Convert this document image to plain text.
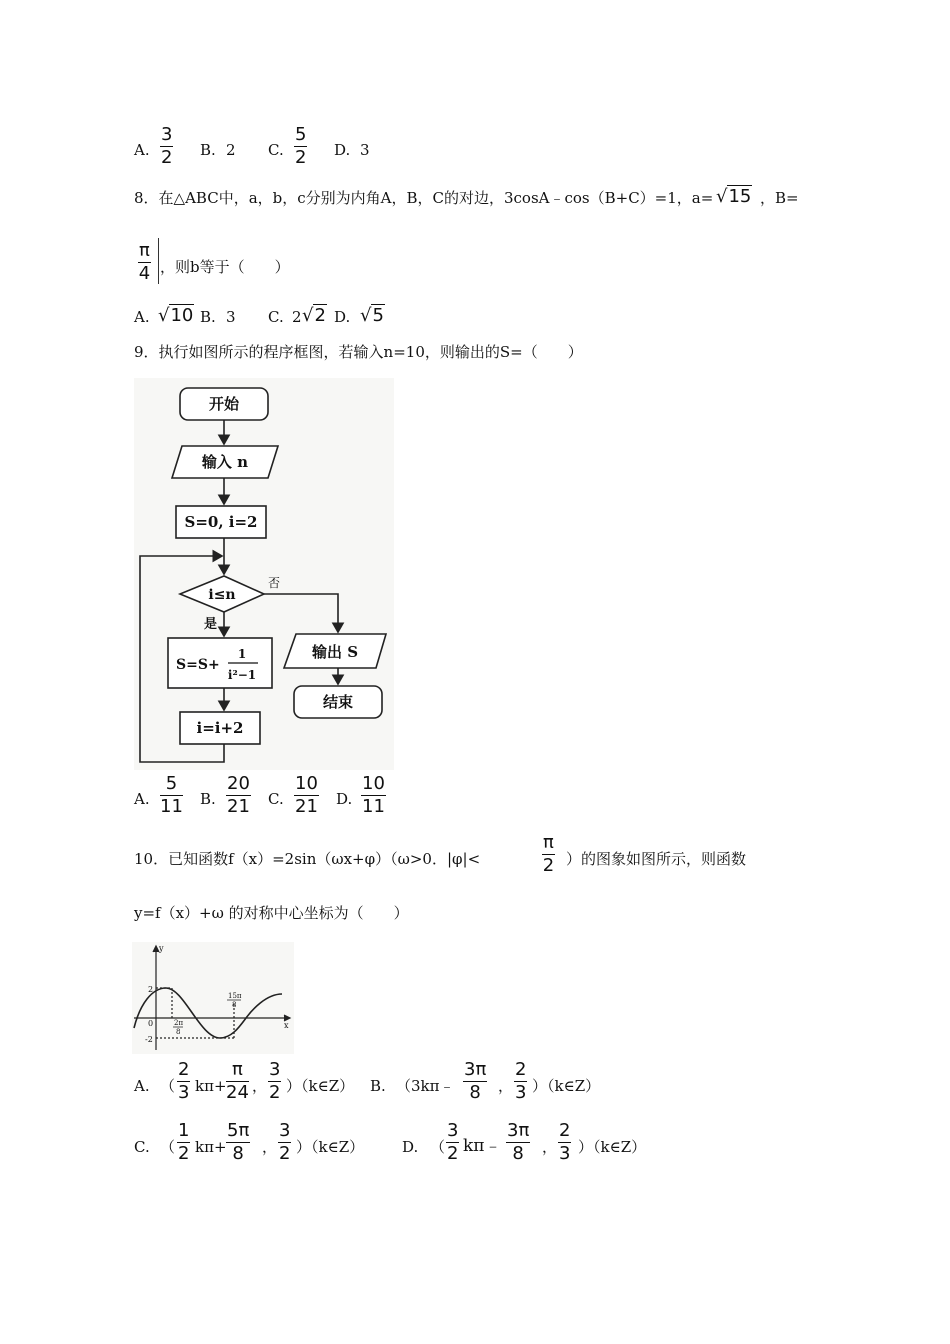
A.
3
2 B. 2 C.
5
2 D. 3
8．在△ABC中，a，b，c分别为内角A，B，C的对边，3cosA﹣cos（B+C）=1，a= √15 ，B=
π
4 ，则b等于（　　）
A. √10 B. 3 C. 2 √2 D. √5
9．执行如图所示的程序框图，若输入n=10，则输出的S=（　　）
开始
输入 n
S=0, i=2
i≤n
否
是
S=S+
1
i²−1
i=i+2
输出 S
结束
A.
5
11 B.
20
21 C.
10
21 D.
10
11
10．已知函数f（x）=2sin（ωx+φ）（ω>0．|φ|<
π
2 ）的图象如图所示，则函数
y=f（x）+ω 的对称中心坐标为（　　）
y
x
0
2
-2
2π
8
15π
8
A. （
2
3 kπ+
π
24 ，
3
2 ）（k∈Z） B. （3kπ﹣
3π
8	，
2
3 ）（k∈Z）
C. （
1
2 kπ+
5π
8	，
3
2 ）（k∈Z）	D. （
3
2 kπ﹣
3π
8	，
2
3 ）（k∈Z）
